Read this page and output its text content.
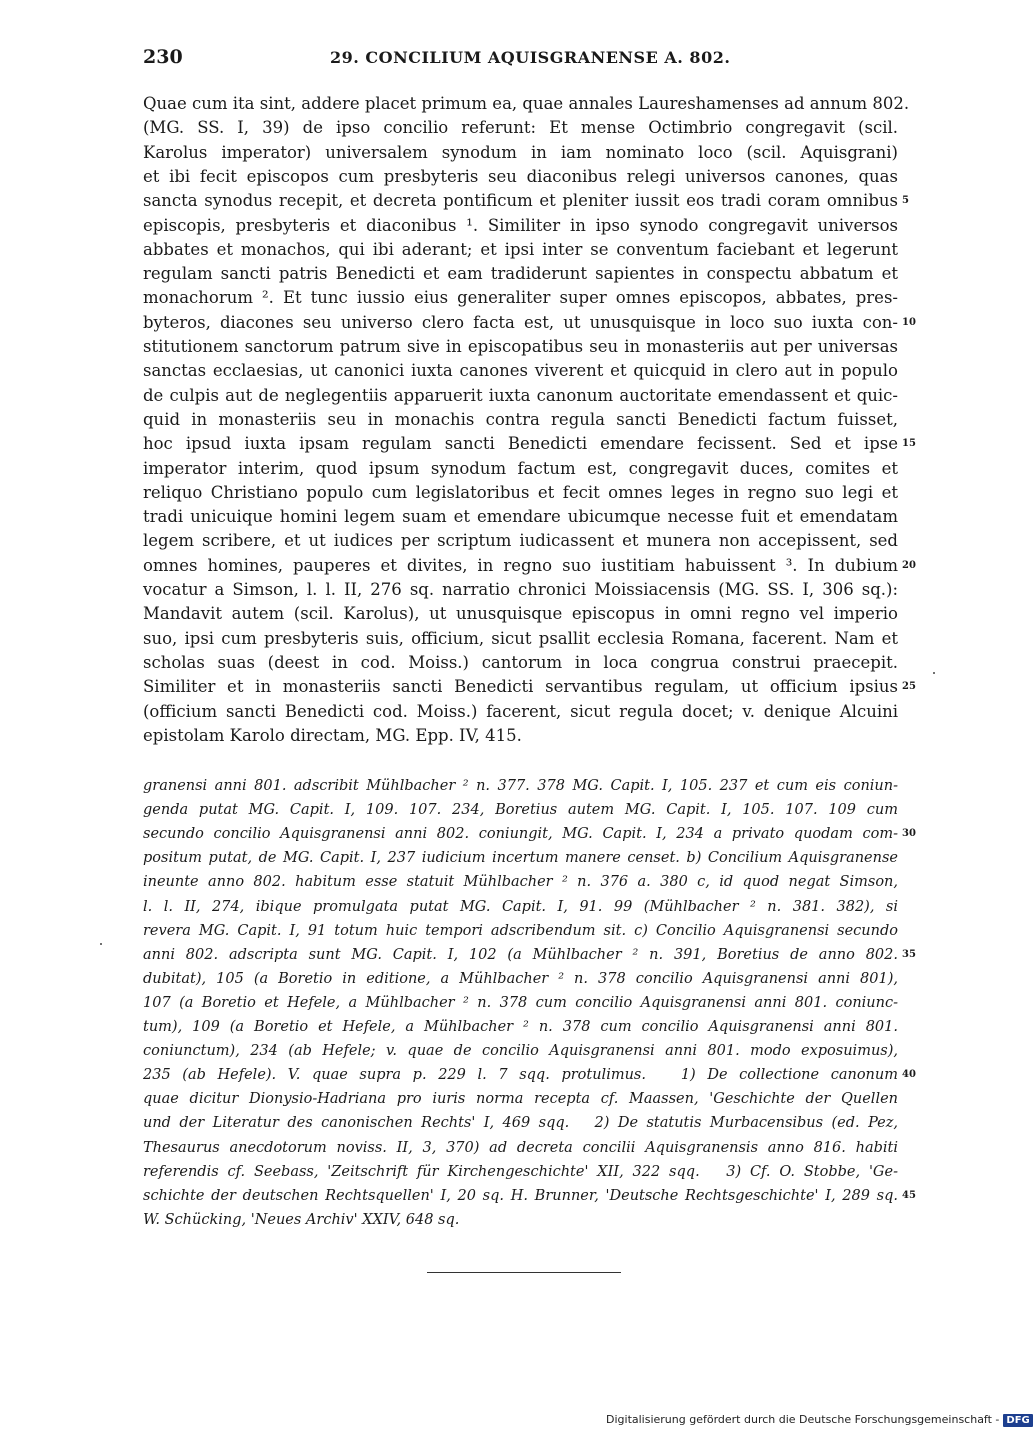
230	29. CONCILIUM AQUISGRANENSE A. 802.
Quae cum ita sint, addere placet primum ea, quae annales Laureshamenses ad annum 802.
(MG. SS. I, 39) de ipso concilio referunt: Et mense Octimbrio congregavit (scil.
Karolus imperator) universalem synodum in iam nominato loco (scil. Aquisgrani)
et ibi fecit episcopos cum presbyteris seu diaconibus relegi universos canones, quas
sancta synodus recepit, et decreta pontificum et pleniter iussit eos tradi coram omnibus
episcopis, presbyteris et diaconibus ¹. Similiter in ipso synodo congregavit universos
abbates et monachos, qui ibi aderant; et ipsi inter se conventum faciebant et legerunt
regulam sancti patris Benedicti et eam tradiderunt sapientes in conspectu abbatum et
monachorum ². Et tunc iussio eius generaliter super omnes episcopos, abbates, pres-
byteros, diacones seu universo clero facta est, ut unusquisque in loco suo iuxta con-
stitutionem sanctorum patrum sive in episcopatibus seu in monasteriis aut per universas
sanctas ecclaesias, ut canonici iuxta canones viverent et quicquid in clero aut in populo
de culpis aut de neglegentiis apparuerit iuxta canonum auctoritate emendassent et quic-
quid in monasteriis seu in monachis contra regula sancti Benedicti factum fuisset,
hoc ipsud iuxta ipsam regulam sancti Benedicti emendare fecissent. Sed et ipse
imperator interim, quod ipsum synodum factum est, congregavit duces, comites et
reliquo Christiano populo cum legislatoribus et fecit omnes leges in regno suo legi et
tradi unicuique homini legem suam et emendare ubicumque necesse fuit et emendatam
legem scribere, et ut iudices per scriptum iudicassent et munera non accepissent, sed
omnes homines, pauperes et divites, in regno suo iustitiam habuissent ³. In dubium
vocatur a Simson, l. l. II, 276 sq. narratio chronici Moissiacensis (MG. SS. I, 306 sq.):
Mandavit autem (scil. Karolus), ut unusquisque episcopus in omni regno vel imperio
suo, ipsi cum presbyteris suis, officium, sicut psallit ecclesia Romana, facerent. Nam et
scholas suas (deest in cod. Moiss.) cantorum in loca congrua construi praecepit.
Similiter et in monasteriis sancti Benedicti servantibus regulam, ut officium ipsius
(officium sancti Benedicti cod. Moiss.) facerent, sicut regula docet; v. denique Alcuini
epistolam Karolo directam, MG. Epp. IV, 415.
granensi anni 801. adscribit Mühlbacher ² n. 377. 378 MG. Capit. I, 105. 237 et cum eis coniun-
genda putat MG. Capit. I, 109. 107. 234, Boretius autem MG. Capit. I, 105. 107. 109 cum
secundo concilio Aquisgranensi anni 802. coniungit, MG. Capit. I, 234 a privato quodam com-
positum putat, de MG. Capit. I, 237 iudicium incertum manere censet. b) Concilium Aquisgranense
ineunte anno 802. habitum esse statuit Mühlbacher ² n. 376 a. 380 c, id quod negat Simson,
l. l. II, 274, ibique promulgata putat MG. Capit. I, 91. 99 (Mühlbacher ² n. 381. 382), si
revera MG. Capit. I, 91 totum huic tempori adscribendum sit. c) Concilio Aquisgranensi secundo
anni 802. adscripta sunt MG. Capit. I, 102 (a Mühlbacher ² n. 391, Boretius de anno 802.
dubitat), 105 (a Boretio in editione, a Mühlbacher ² n. 378 concilio Aquisgranensi anni 801),
107 (a Boretio et Hefele, a Mühlbacher ² n. 378 cum concilio Aquisgranensi anni 801. coniunc-
tum), 109 (a Boretio et Hefele, a Mühlbacher ² n. 378 cum concilio Aquisgranensi anni 801.
coniunctum), 234 (ab Hefele; v. quae de concilio Aquisgranensi anni 801. modo exposuimus),
235 (ab Hefele). V. quae supra p. 229 l. 7 sqq. protulimus.   1) De collectione canonum
quae dicitur Dionysio-Hadriana pro iuris norma recepta cf. Maassen, 'Geschichte der Quellen
und der Literatur des canonischen Rechts' I, 469 sqq.   2) De statutis Murbacensibus (ed. Pez,
Thesaurus anecdotorum noviss. II, 3, 370) ad decreta concilii Aquisgranensis anno 816. habiti
referendis cf. Seebass, 'Zeitschrift für Kirchengeschichte' XII, 322 sqq.   3) Cf. O. Stobbe, 'Ge-
schichte der deutschen Rechtsquellen' I, 20 sq. H. Brunner, 'Deutsche Rechtsgeschichte' I, 289 sq.
W. Schücking, 'Neues Archiv' XXIV, 648 sq.
5
10
15
20
25
30
35
40
45
Digitalisierung gefördert durch die Deutsche Forschungsgemeinschaft - DFG
